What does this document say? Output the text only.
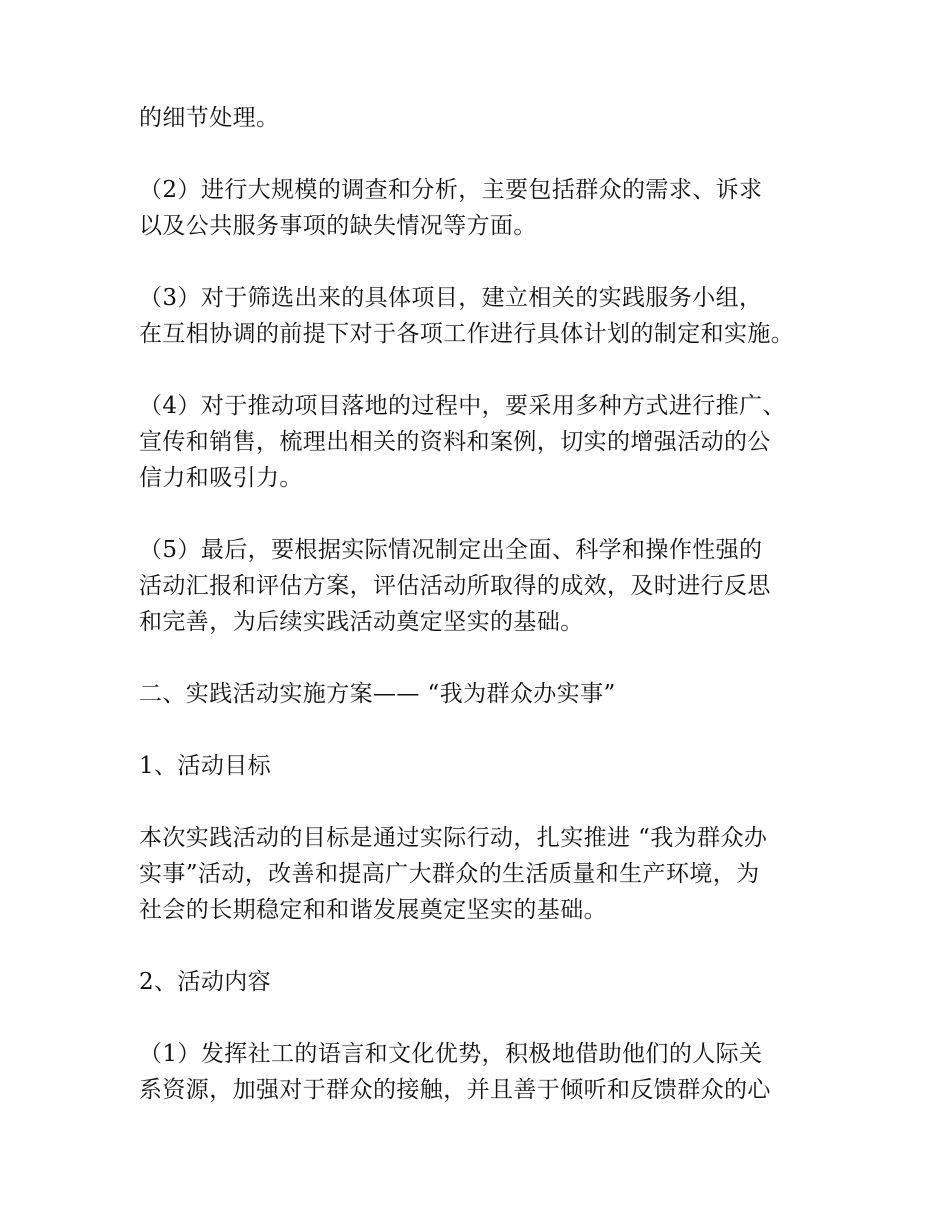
的细节处理。

（2）进行大规模的调查和分析，主要包括群众的需求、诉求
以及公共服务事项的缺失情况等方面。

（3）对于筛选出来的具体项目，建立相关的实践服务小组，
在互相协调的前提下对于各项工作进行具体计划的制定和实施。

（4）对于推动项目落地的过程中，要采用多种方式进行推广、
宣传和销售，梳理出相关的资料和案例，切实的增强活动的公
信力和吸引力。

（5）最后，要根据实际情况制定出全面、科学和操作性强的
活动汇报和评估方案，评估活动所取得的成效，及时进行反思
和完善，为后续实践活动奠定坚实的基础。

二、实践活动实施方案—— “我为群众办实事”

1、活动目标

本次实践活动的目标是通过实际行动，扎实推进 “我为群众办
实事”活动，改善和提高广大群众的生活质量和生产环境，为
社会的长期稳定和和谐发展奠定坚实的基础。

2、活动内容

（1）发挥社工的语言和文化优势，积极地借助他们的人际关
系资源，加强对于群众的接触，并且善于倾听和反馈群众的心
